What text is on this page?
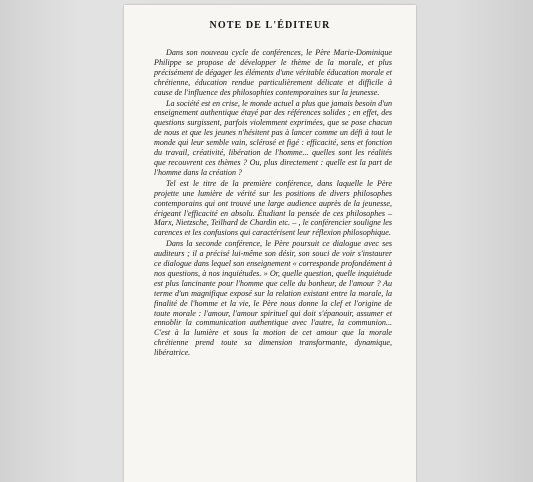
NOTE DE L'ÉDITEUR

Dans son nouveau cycle de conférences, le Père Marie-Dominique Philippe se propose de développer le thème de la morale, et plus précisément de dégager les éléments d'une véritable éducation morale et chrétienne, éducation rendue particulièrement délicate et difficile à cause de l'influence des philosophies contemporaines sur la jeunesse.

La société est en crise, le monde actuel a plus que jamais besoin d'un enseignement authentique étayé par des références solides ; en effet, des questions surgissent, parfois violemment exprimées, que se pose chacun de nous et que les jeunes n'hésitent pas à lancer comme un défi à tout le monde qui leur semble vain, sclérosé et figé : efficacité, sens et fonction du travail, créativité, libération de l'homme... quelles sont les réalités que recouvrent ces thèmes ? Ou, plus directement : quelle est la part de l'homme dans la création ?

Tel est le titre de la première conférence, dans laquelle le Père projette une lumière de vérité sur les positions de divers philosophes contemporains qui ont trouvé une large audience auprès de la jeunesse, érigeant l'efficacité en absolu. Étudiant la pensée de ces philosophes – Marx, Nietzsche, Teilhard de Chardin etc. – , le conférencier souligne les carences et les confusions qui caractérisent leur réflexion philosophique.

Dans la seconde conférence, le Père poursuit ce dialogue avec ses auditeurs ; il a précisé lui-même son désir, son souci de voir s'instaurer ce dialogue dans lequel son enseignement « corresponde profondément à nos questions, à nos inquiétudes. » Or, quelle question, quelle inquiétude est plus lancinante pour l'homme que celle du bonheur, de l'amour ? Au terme d'un magnifique exposé sur la relation existant entre la morale, la finalité de l'homme et la vie, le Père nous donne la clef et l'origine de toute morale : l'amour, l'amour spirituel qui doit s'épanouir, assumer et ennoblir la communication authentique avec l'autre, la communion... C'est à la lumière et sous la motion de cet amour que la morale chrétienne prend toute sa dimension transformante, dynamique, libératrice.
